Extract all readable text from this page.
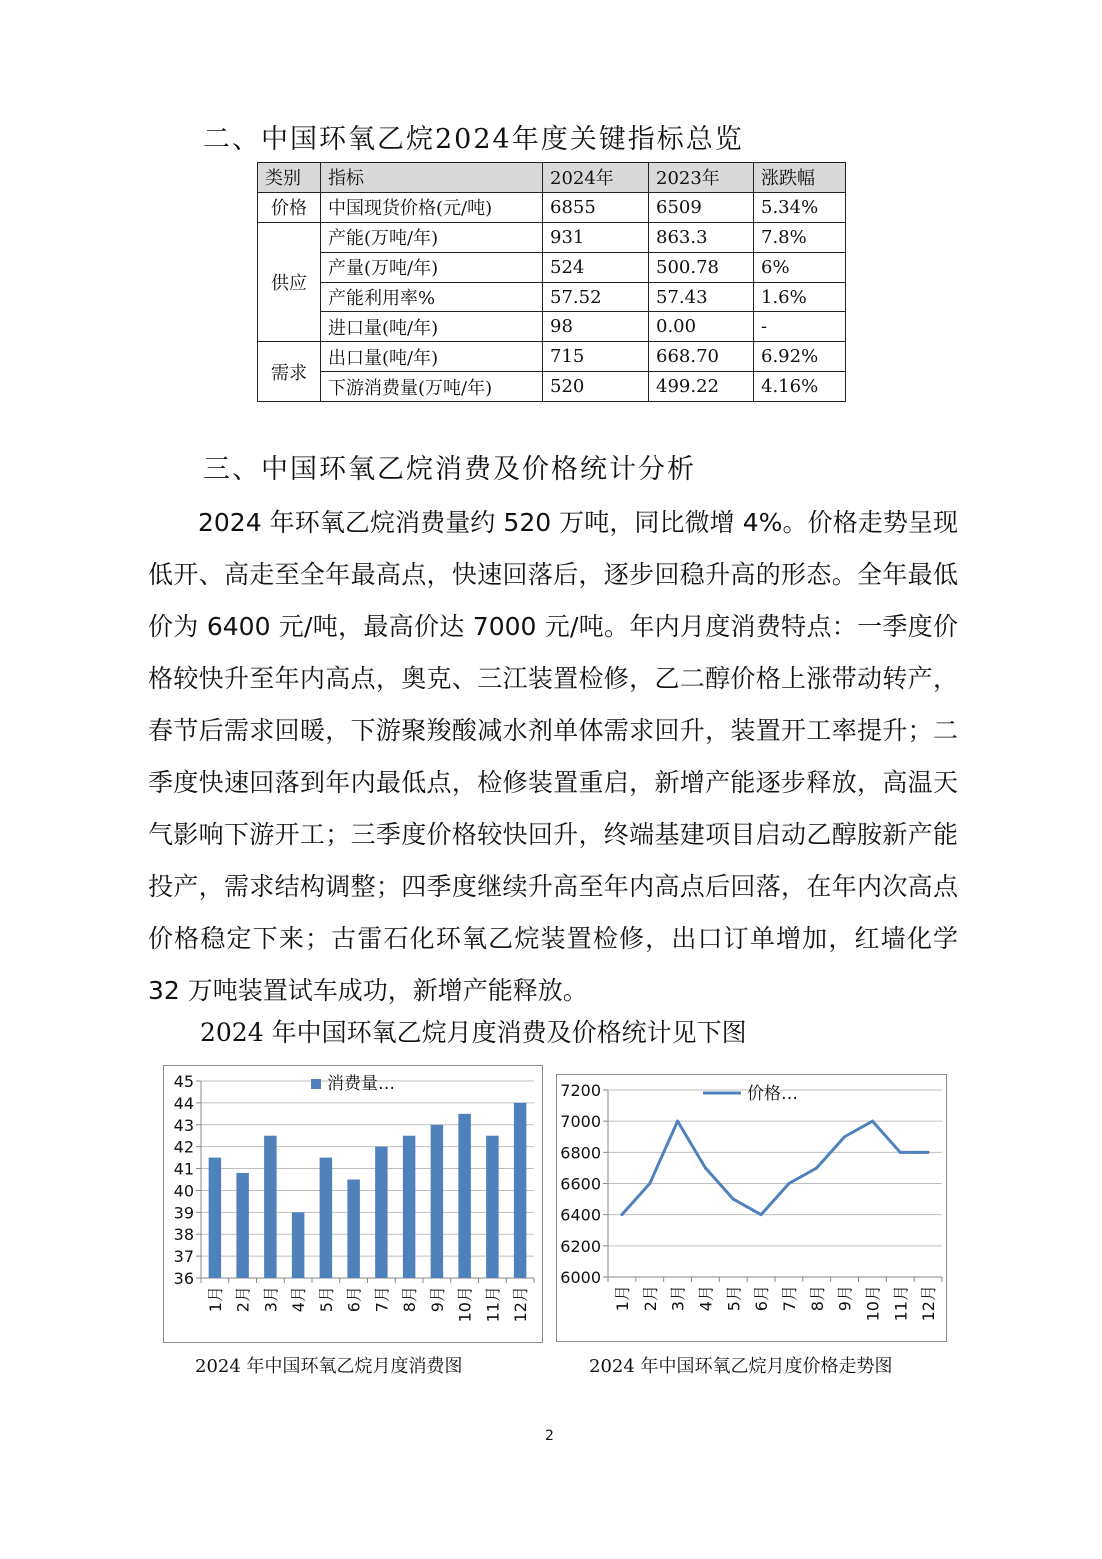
二、中国环氧乙烷2024年度关键指标总览
类别	指标	2024年	2023年	涨跌幅
价格	中国现货价格(元/吨)	6855	6509	5.34%
供应	产能(万吨/年)	931	863.3	7.8%
	产量(万吨/年)	524	500.78	6%
	产能利用率%	57.52	57.43	1.6%
	进口量(吨/年)	98	0.00	-
需求	出口量(吨/年)	715	668.70	6.92%
	下游消费量(万吨/年)	520	499.22	4.16%
三、中国环氧乙烷消费及价格统计分析

2024 年环氧乙烷消费量约 520 万吨，同比微增 4%。价格走势呈现低开、高走至全年最高点，快速回落后，逐步回稳升高的形态。全年最低价为 6400 元/吨，最高价达 7000 元/吨。年内月度消费特点：一季度价格较快升至年内高点，奥克、三江装置检修，乙二醇价格上涨带动转产，春节后需求回暖，下游聚羧酸减水剂单体需求回升，装置开工率提升；二季度快速回落到年内最低点，检修装置重启，新增产能逐步释放，高温天气影响下游开工；三季度价格较快回升，终端基建项目启动乙醇胺新产能投产，需求结构调整；四季度继续升高至年内高点后回落，在年内次高点价格稳定下来；古雷石化环氧乙烷装置检修，出口订单增加，红墙化学 32 万吨装置试车成功，新增产能释放。

2024 年中国环氧乙烷月度消费及价格统计见下图
36
37
38
39
40
41
42
43
44
45
1月 2月 3月 4月 5月 6月 7月 8月 9月 10月 11月 12月
消费量…
6000
6200
6400
6600
6800
7000
7200
1月 2月 3月 4月 5月 6月 7月 8月 9月 10月 11月 12月
价格…
2024 年中国环氧乙烷月度消费图	2024 年中国环氧乙烷月度价格走势图
2
